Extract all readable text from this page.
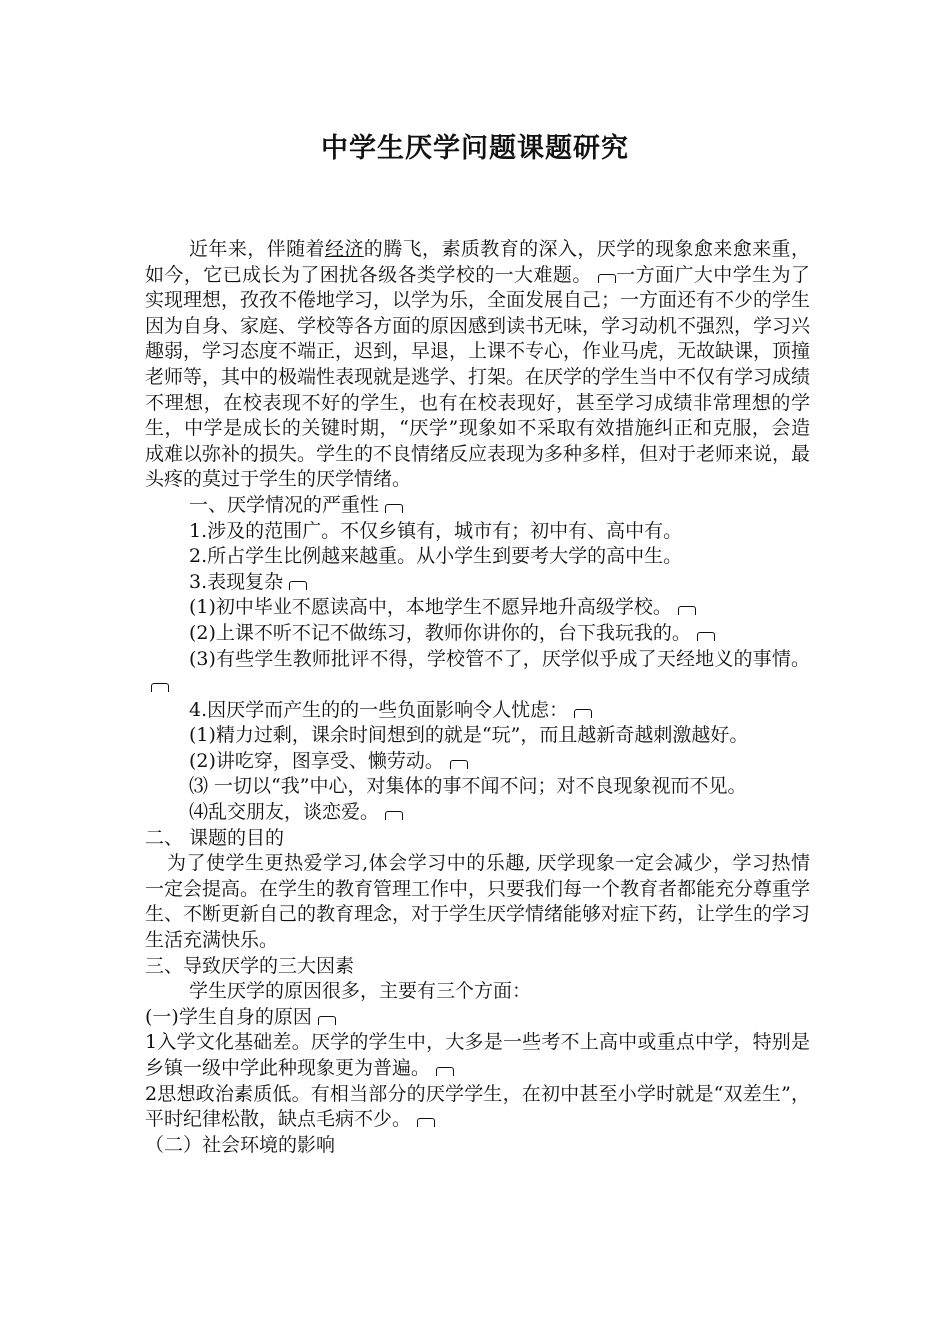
中学生厌学问题课题研究

近年来，伴随着经济的腾飞，素质教育的深入，厌学的现象愈来愈来重，如今，它已成长为了困扰各级各类学校的一大难题。 一方面广大中学生为了实现理想，孜孜不倦地学习，以学为乐，全面发展自己；一方面还有不少的学生因为自身、家庭、学校等各方面的原因感到读书无味，学习动机不强烈，学习兴趣弱，学习态度不端正，迟到，早退，上课不专心，作业马虎，无故缺课，顶撞老师等，其中的极端性表现就是逃学、打架。在厌学的学生当中不仅有学习成绩不理想，在校表现不好的学生，也有在校表现好，甚至学习成绩非常理想的学生，中学是成长的关键时期，“厌学”现象如不采取有效措施纠正和克服，会造成难以弥补的损失。学生的不良情绪反应表现为多种多样，但对于老师来说，最头疼的莫过于学生的厌学情绪。

一、厌学情况的严重性

1.涉及的范围广。不仅乡镇有，城市有；初中有、高中有。

2.所占学生比例越来越重。从小学生到要考大学的高中生。

3.表现复杂

(1)初中毕业不愿读高中，本地学生不愿异地升高级学校。

(2)上课不听不记不做练习，教师你讲你的，台下我玩我的。

(3)有些学生教师批评不得，学校管不了，厌学似乎成了天经地义的事情。

4.因厌学而产生的的一些负面影响令人忧虑：

(1)精力过剩，课余时间想到的就是“玩”，而且越新奇越刺激越好。

(2)讲吃穿，图享受、懒劳动。

⑶ 一切以“我”中心，对集体的事不闻不问；对不良现象视而不见。

⑷乱交朋友，谈恋爱。

二、 课题的目的

为了使学生更热爱学习,体会学习中的乐趣, 厌学现象一定会减少，学习热情一定会提高。在学生的教育管理工作中，只要我们每一个教育者都能充分尊重学生、不断更新自己的教育理念，对于学生厌学情绪能够对症下药，让学生的学习生活充满快乐。

三、导致厌学的三大因素

学生厌学的原因很多，主要有三个方面：

(一)学生自身的原因

1入学文化基础差。厌学的学生中，大多是一些考不上高中或重点中学，特别是乡镇一级中学此种现象更为普遍。

2思想政治素质低。有相当部分的厌学学生，在初中甚至小学时就是“双差生”，平时纪律松散，缺点毛病不少。

（二）社会环境的影响
